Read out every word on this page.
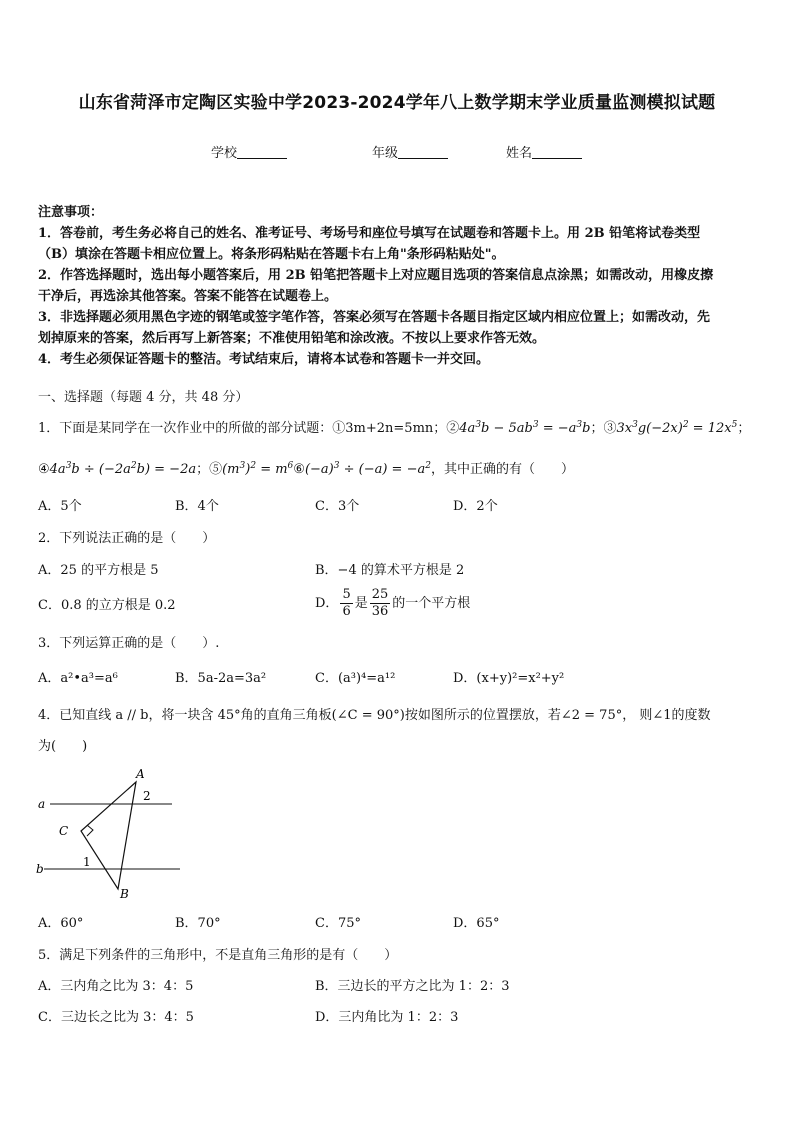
山东省菏泽市定陶区实验中学2023-2024学年八上数学期末学业质量监测模拟试题
学校	年级	姓名
注意事项：
1．答卷前，考生务必将自己的姓名、准考证号、考场号和座位号填写在试题卷和答题卡上。用 2B 铅笔将试卷类型
（B）填涂在答题卡相应位置上。将条形码粘贴在答题卡右上角"条形码粘贴处"。
2．作答选择题时，选出每小题答案后，用 2B 铅笔把答题卡上对应题目选项的答案信息点涂黑；如需改动，用橡皮擦
干净后，再选涂其他答案。答案不能答在试题卷上。
3．非选择题必须用黑色字迹的钢笔或签字笔作答，答案必须写在答题卡各题目指定区域内相应位置上；如需改动，先
划掉原来的答案，然后再写上新答案；不准使用铅笔和涂改液。不按以上要求作答无效。
4．考生必须保证答题卡的整洁。考试结束后，请将本试卷和答题卡一并交回。
一、选择题（每题 4 分，共 48 分）
1．下面是某同学在一次作业中的所做的部分试题：①3m+2n=5mn；$②4a^3b - 5ab^3 = -a^3b$；$③3x^3g(-2x)^2 = 12x^5$；
$④4a^3b \div (-2a^2b) = -2a$；$⑤(m^3)^2$ = $m^6⑥(-a)^3 \div (-a) = -a^2$，其中正确的有（　　）
A．5个	B．4个	C．3个	D．2个
2．下列说法正确的是（　　）
A．25 的平方根是 5	B．−4 的算术平方根是 2
C．0.8 的立方根是 0.2	D． $\frac{5}{6}$ 是 $\frac{25}{36}$ 的一个平方根
3．下列运算正确的是（　　）.
A．a²•a³=a⁶	B．5a-2a=3a²	C．(a³)⁴=a¹²	D．(x+y)²=x²+y²
4．已知直线 a // b，将一块含 45°角的直角三角板(∠C = 90°)按如图所示的位置摆放，若∠2 = 75°， 则∠1的度数
为(　　)
A
B
C
a
b	1
2
A．60°	B．70°	C．75°	D．65°
5．满足下列条件的三角形中，不是直角三角形的是有（　　）
A．三内角之比为 3：4：5	B．三边长的平方之比为 1：2：3
C．三边长之比为 3：4：5	D．三内角比为 1：2：3
